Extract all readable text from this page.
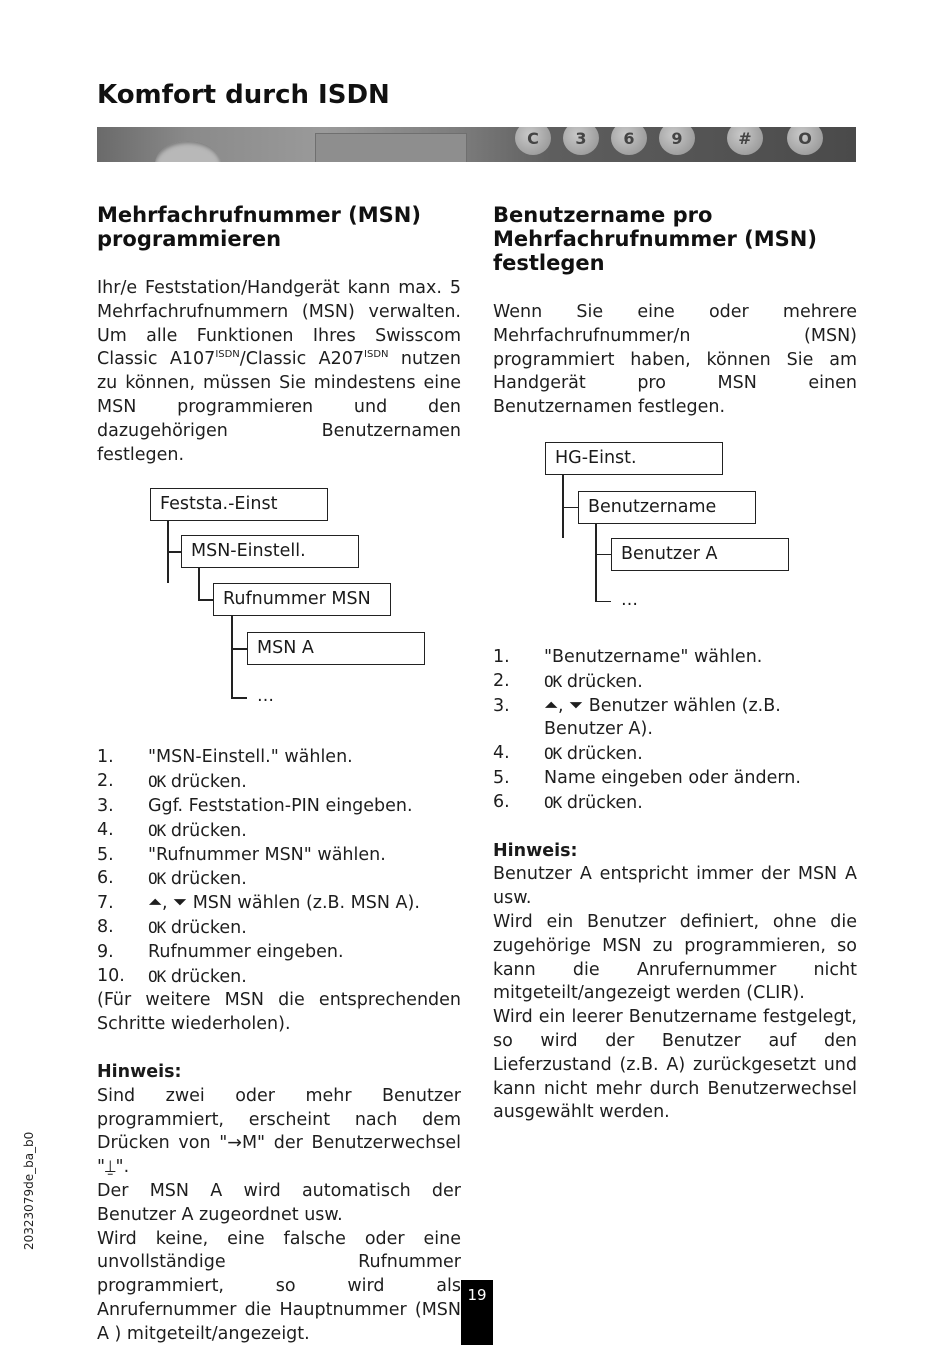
Komfort durch ISDN
C	3	6	9	#	O
Mehrfachrufnummer (MSN) programmieren

Ihr/e Feststation/Handgerät kann max. 5 Mehrfachrufnummern (MSN) verwalten. Um alle Funktionen Ihres Swisscom Classic $A107^{ISDN}$/Classic $A207^{ISDN}$ nutzen zu können, müssen Sie mindestens eine MSN programmieren und den dazugehörigen Benutzernamen festlegen.

Feststa.-Einst
MSN-Einstell.
Rufnummer MSN
MSN A
…
1. "MSN-Einstell." wählen.
2. OK drücken.
3. Ggf. Feststation-PIN eingeben.
4. OK drücken.
5. "Rufnummer MSN" wählen.
6. OK drücken.
7. ⏶, ⏷ MSN wählen (z.B. MSN A).
8. OK drücken.
9. Rufnummer eingeben.
10. OK drücken.

(Für weitere MSN die entsprechenden Schritte wiederholen).

Hinweis:

Sind zwei oder mehr Benutzer programmiert, erscheint nach dem Drücken von "→M" der Benutzerwechsel "⍊".

Der MSN A wird automatisch der Benutzer A zugeordnet usw.

Wird keine, eine falsche oder eine unvollständige Rufnummer programmiert, so wird als Anrufernummer die Hauptnummer (MSN A ) mitgeteilt/angezeigt.

Benutzername pro Mehrfachrufnummer (MSN) festlegen

Wenn Sie eine oder mehrere Mehrfachrufnummer/n (MSN) programmiert haben, können Sie am Handgerät pro MSN einen Benutzernamen festlegen.

HG-Einst.
Benutzername
Benutzer A
…
1. "Benutzername" wählen.
2. OK drücken.
3. ⏶, ⏷ Benutzer wählen (z.B. Benutzer A).
4. OK drücken.
5. Name eingeben oder ändern.
6. OK drücken.

Hinweis:

Benutzer A entspricht immer der MSN A usw.

Wird ein Benutzer definiert, ohne die zugehörige MSN zu programmieren, so kann die Anrufernummer nicht mitgeteilt/angezeigt werden (CLIR).

Wird ein leerer Benutzername festgelegt, so wird der Benutzer auf den Lieferzustand (z.B. A) zurückgesetzt und kann nicht mehr durch Benutzerwechsel ausgewählt werden.

20323079de_ba_b0
19
